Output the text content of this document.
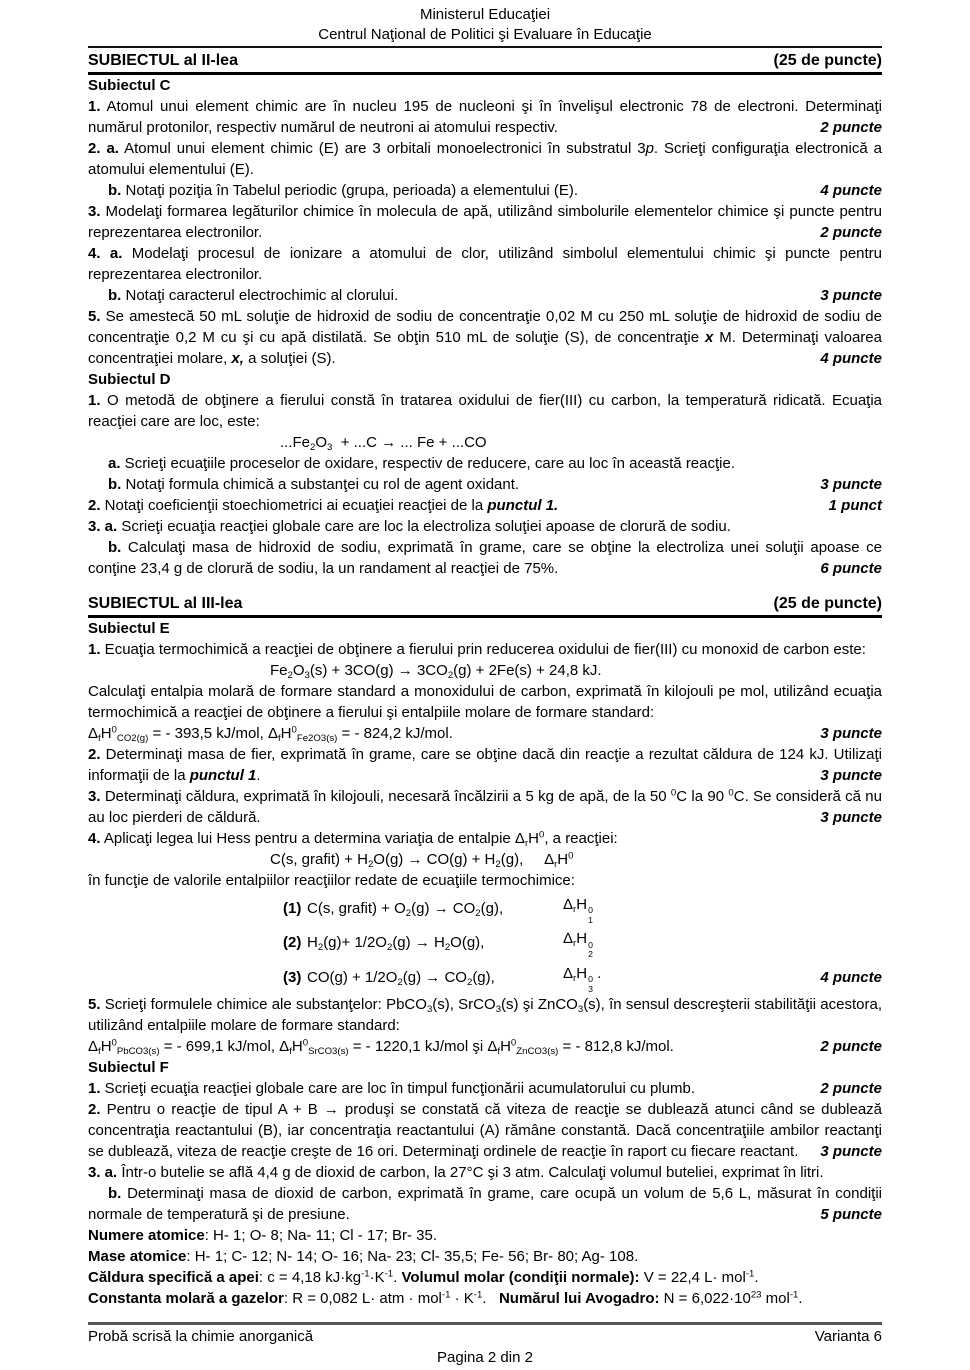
Ministerul Educaţiei
Centrul Naţional de Politici şi Evaluare în Educaţie
SUBIECTUL al II-lea	(25 de puncte)
Subiectul C

1. Atomul unui element chimic are în nucleu 195 de nucleoni şi în învelişul electronic 78 de electroni. Determinaţi numărul protonilor, respectiv numărul de neutroni ai atomului respectiv.	2 puncte

2. a. Atomul unui element chimic (E) are 3 orbitali monoelectronici în substratul 3p. Scrieţi configuraţia electronică a atomului elementului (E).

b. Notaţi poziţia în Tabelul periodic (grupa, perioada) a elementului (E).	4 puncte

3. Modelaţi formarea legăturilor chimice în molecula de apă, utilizând simbolurile elementelor chimice şi puncte pentru reprezentarea electronilor.	2 puncte

4. a. Modelaţi procesul de ionizare a atomului de clor, utilizând simbolul elementului chimic şi puncte pentru reprezentarea electronilor.

b. Notaţi caracterul electrochimic al clorului.	3 puncte

5. Se amestecă 50 mL soluţie de hidroxid de sodiu de concentraţie 0,02 M cu 250 mL soluţie de hidroxid de sodiu de concentraţie 0,2 M cu şi cu apă distilată. Se obţin 510 mL de soluţie (S), de concentraţie x M. Determinaţi valoarea concentraţiei molare, x, a soluţiei (S).	4 puncte

Subiectul D

1. O metodă de obţinere a fierului constă în tratarea oxidului de fier(III) cu carbon, la temperatură ridicată. Ecuaţia reacţiei care are loc, este:

$...Fe_2O_3 + ...C$ → ... Fe + ...CO

a. Scrieţi ecuaţiile proceselor de oxidare, respectiv de reducere, care au loc în această reacţie.

b. Notaţi formula chimică a substanţei cu rol de agent oxidant.	3 puncte

2. Notaţi coeficienţii stoechiometrici ai ecuaţiei reacţiei de la punctul 1.	1 punct

3. a. Scrieţi ecuaţia reacţiei globale care are loc la electroliza soluţiei apoase de clorură de sodiu.

b. Calculaţi masa de hidroxid de sodiu, exprimată în grame, care se obţine la electroliza unei soluţii apoase ce conţine 23,4 g de clorură de sodiu, la un randament al reacţiei de 75%.	6 puncte

SUBIECTUL al III-lea	(25 de puncte)
Subiectul E

1. Ecuaţia termochimică a reacţiei de obţinere a fierului prin reducerea oxidului de fier(III) cu monoxid de carbon este:

$Fe_2O_3(s) + 3CO(g) \to 3CO_2(g) + 2Fe(s) + 24,8$ kJ.

Calculaţi entalpia molară de formare standard a monoxidului de carbon, exprimată în kilojouli pe mol, utilizând ecuaţia termochimică a reacţiei de obţinere a fierului şi entalpiile molare de formare standard:

$\Delta_fH^0_{CO2(g)}$ = - 393,5 kJ/mol, $\Delta_fH^0_{Fe2O3(s)}$ = - 824,2 kJ/mol.	3 puncte

2. Determinaţi masa de fier, exprimată în grame, care se obţine dacă din reacţie a rezultat căldura de 124 kJ. Utilizaţi informaţii de la punctul 1.	3 puncte

3. Determinaţi căldura, exprimată în kilojouli, necesară încălzirii a 5 kg de apă, de la 50 $^0$C la 90 $^0$C. Se consideră că nu au loc pierderi de căldură.	3 puncte

4. Aplicaţi legea lui Hess pentru a determina variaţia de entalpie $\Delta_rH^0$, a reacţiei:

C(s, grafit) + $H_2O(g) \to CO(g) + H_2(g)$,     $\Delta_rH^0$

în funcţie de valorile entalpiilor reacţiilor redate de ecuaţiile termochimice:

(1) C(s, grafit) + $O_2(g) \to CO_2(g)$,	$\Delta_rH$ 0
1
(2) $H_2(g)+ 1/2O_2(g) \to H_2O(g)$,	$\Delta_rH$ 0
2
(3) $CO(g) + 1/2O_2(g) \to CO_2(g)$,	$\Delta_rH$ 0
3
.	4 puncte

5. Scrieţi formulele chimice ale substanţelor: PbCO$_3$(s), SrCO$_3$(s) şi ZnCO$_3$(s), în sensul descreşterii stabilităţii acestora, utilizând entalpiile molare de formare standard:

$\Delta_fH^0_{PbCO3(s)}$ = - 699,1 kJ/mol, $\Delta_fH^0_{SrCO3(s)}$ = - 1220,1 kJ/mol şi $\Delta_fH^0_{ZnCO3(s)}$ = - 812,8 kJ/mol.	2 puncte

Subiectul F

1. Scrieţi ecuaţia reacţiei globale care are loc în timpul funcţionării acumulatorului cu plumb.	2 puncte

2. Pentru o reacţie de tipul A + B → produşi se constată că viteza de reacţie se dublează atunci când se dublează concentraţia reactantului (B), iar concentraţia reactantului (A) rămâne constantă. Dacă concentraţiile ambilor reactanţi se dublează, viteza de reacţie creşte de 16 ori. Determinaţi ordinele de reacţie în raport cu fiecare reactant.	3 puncte

3. a. Într-o butelie se află 4,4 g de dioxid de carbon, la 27°C şi 3 atm. Calculaţi volumul buteliei, exprimat în litri.

b. Determinaţi masa de dioxid de carbon, exprimată în grame, care ocupă un volum de 5,6 L, măsurat în condiţii normale de temperatură şi de presiune.	5 puncte

Numere atomice: H- 1; O- 8; Na- 11; Cl - 17; Br- 35.

Mase atomice: H- 1; C- 12; N- 14; O- 16; Na- 23; Cl- 35,5; Fe- 56; Br- 80; Ag- 108.

Căldura specifică a apei: c = 4,18 $kJ\cdot kg^{-1}\cdot K^{-1}$. Volumul molar (condiţii normale): V = 22,4 L· mol$^{-1}$.

Constanta molară a gazelor: R = 0,082 L· atm · $mol^{-1} \cdot K^{-1}$.   Numărul lui Avogadro: $N = 6,022\cdot 10^{23}$ mol$^{-1}$.

Probă scrisă la chimie anorganică	Varianta 6
Pagina 2 din 2
